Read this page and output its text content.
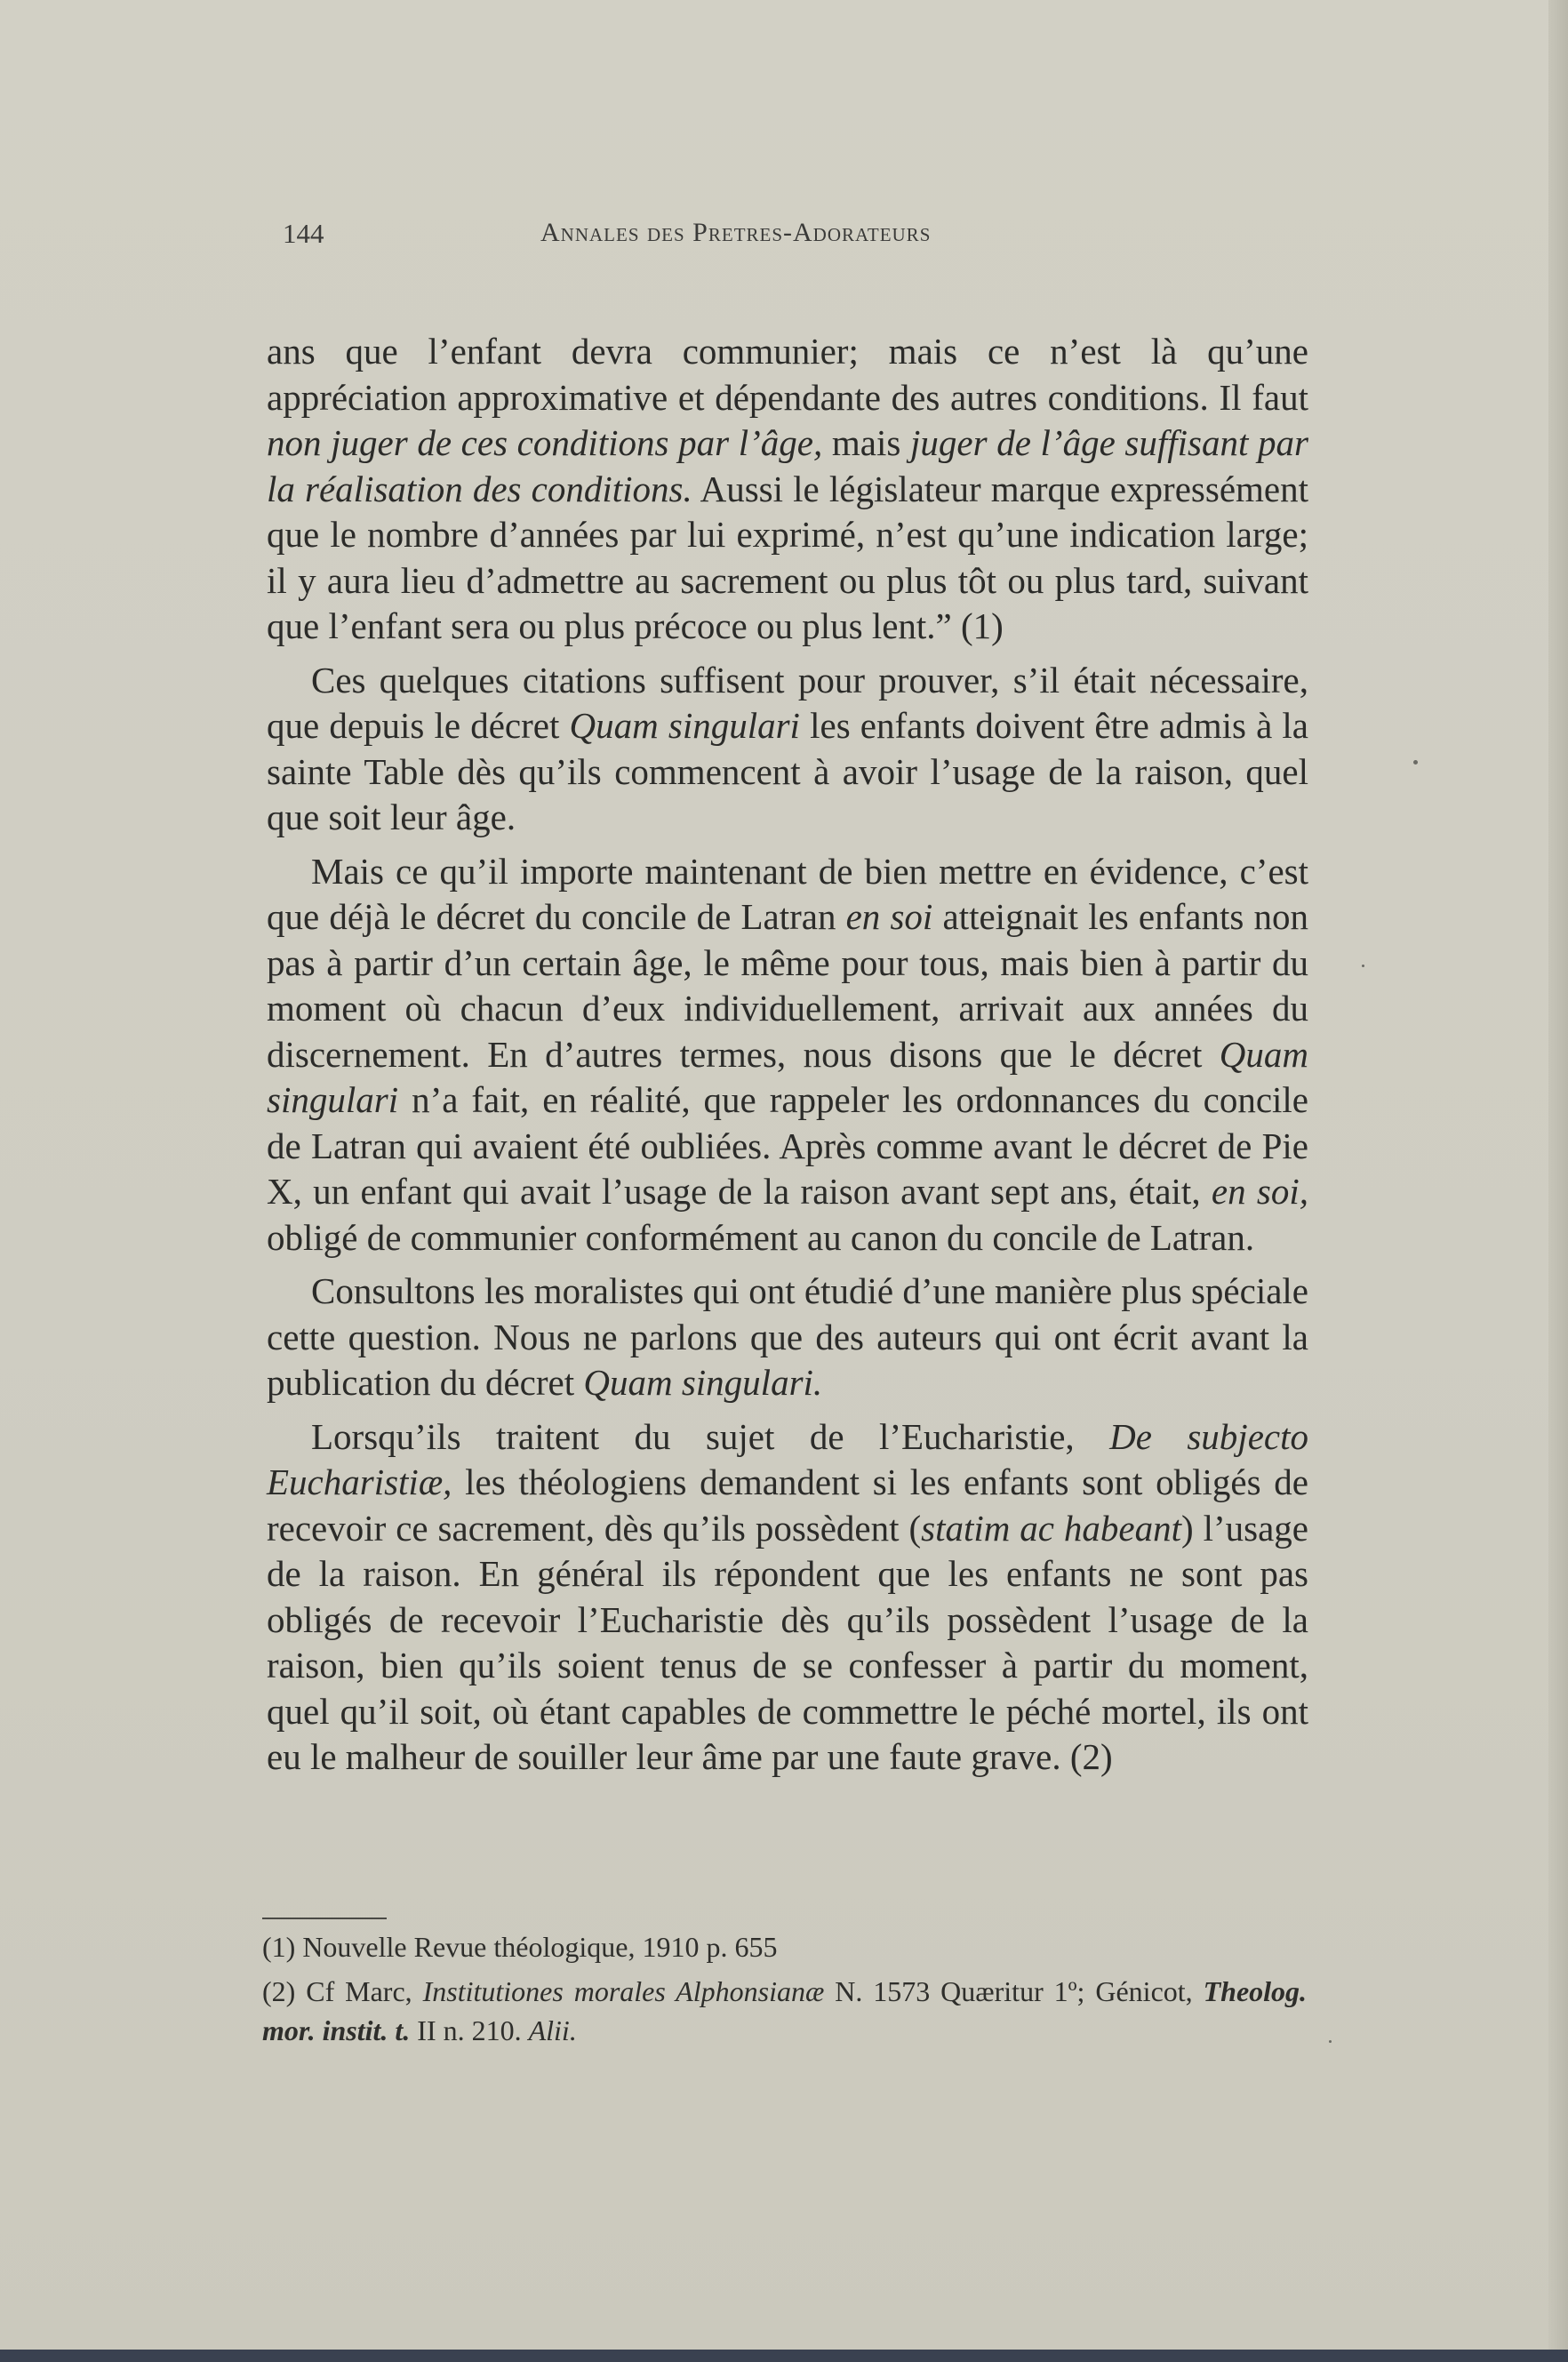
144	Annales des Pretres-Adorateurs

ans que l’enfant devra communier; mais ce n’est là qu’une appréciation approximative et dépendante des autres conditions. Il faut non juger de ces conditions par l’âge, mais juger de l’âge suffisant par la réalisation des conditions. Aussi le législateur marque expressément que le nombre d’années par lui exprimé, n’est qu’une indication large; il y aura lieu d’admettre au sacrement ou plus tôt ou plus tard, suivant que l’enfant sera ou plus précoce ou plus lent.” (1)

Ces quelques citations suffisent pour prouver, s’il était nécessaire, que depuis le décret Quam singulari les enfants doivent être admis à la sainte Table dès qu’ils commencent à avoir l’usage de la raison, quel que soit leur âge.

Mais ce qu’il importe maintenant de bien mettre en évidence, c’est que déjà le décret du concile de Latran en soi atteignait les enfants non pas à partir d’un certain âge, le même pour tous, mais bien à partir du moment où chacun d’eux individuellement, arrivait aux années du discernement. En d’autres termes, nous disons que le décret Quam singulari n’a fait, en réalité, que rappeler les ordonnances du concile de Latran qui avaient été oubliées. Après comme avant le décret de Pie X, un enfant qui avait l’usage de la raison avant sept ans, était, en soi, obligé de communier conformément au canon du concile de Latran.

Consultons les moralistes qui ont étudié d’une manière plus spéciale cette question. Nous ne parlons que des auteurs qui ont écrit avant la publication du décret Quam singulari.

Lorsqu’ils traitent du sujet de l’Eucharistie, De subjecto Eucharistiæ, les théologiens demandent si les enfants sont obligés de recevoir ce sacrement, dès qu’ils possèdent (statim ac habeant) l’usage de la raison. En général ils répondent que les enfants ne sont pas obligés de recevoir l’Eucharistie dès qu’ils possèdent l’usage de la raison, bien qu’ils soient tenus de se confesser à partir du moment, quel qu’il soit, où étant capables de commettre le péché mortel, ils ont eu le malheur de souiller leur âme par une faute grave. (2)

(1) Nouvelle Revue théologique, 1910 p. 655

(2) Cf Marc, Institutiones morales Alphonsianæ N. 1573 Quæritur 1º; Génicot, Theolog. mor. instit. t. II n. 210. Alii.
